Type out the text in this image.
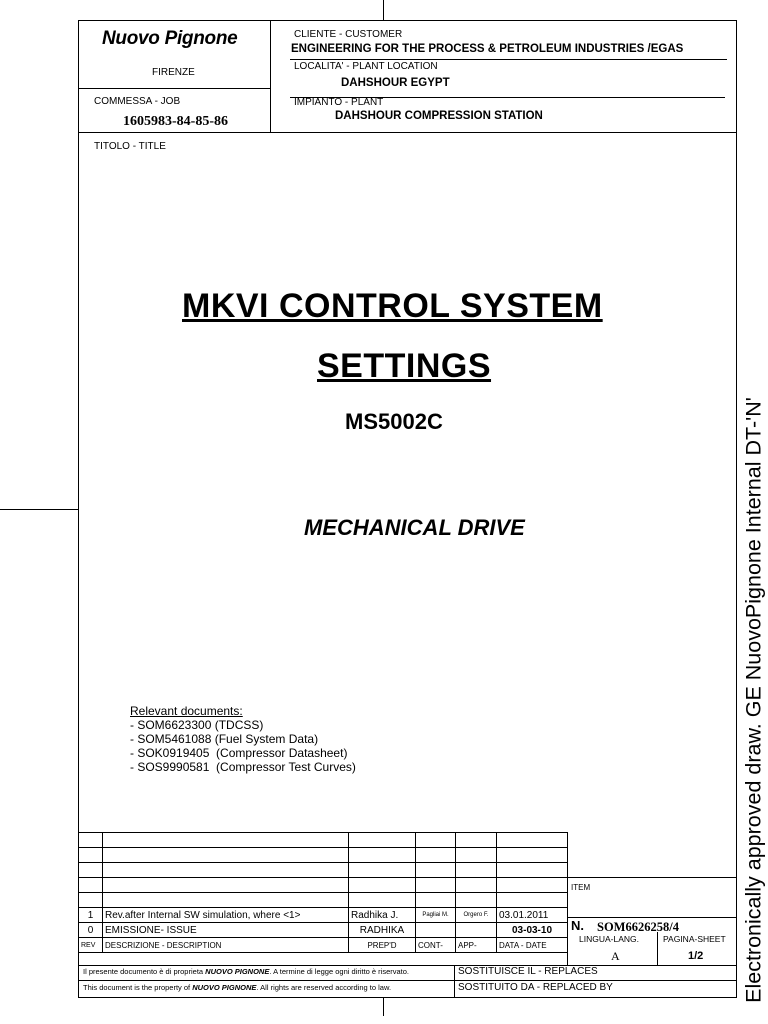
Nuovo Pignone
FIRENZE
COMMESSA - JOB
1605983-84-85-86
CLIENTE - CUSTOMER
ENGINEERING FOR THE PROCESS & PETROLEUM INDUSTRIES /EGAS
LOCALITA' - PLANT LOCATION
DAHSHOUR EGYPT
IMPIANTO - PLANT
DAHSHOUR COMPRESSION STATION
TITOLO - TITLE
MKVI CONTROL SYSTEM
SETTINGS
MS5002C
MECHANICAL DRIVE
Relevant documents:
- SOM6623300 (TDCSS)
- SOM5461088 (Fuel System Data)
- SOK0919405  (Compressor Datasheet)
- SOS9990581  (Compressor Test Curves)

1	Rev.after Internal SW simulation, where <1>	Radhika J.	Pagliai M.	Orgero F.	03.01.2011
0	EMISSIONE- ISSUE	RADHIKA			03-03-10
REV	DESCRIZIONE - DESCRIPTION	PREP'D	CONT-	APP-	DATA - DATE
ITEM
N. SOM6626258/4
LINGUA-LANG.	PAGINA-SHEET
A	1/2
Il presente documento è di proprieta NUOVO PIGNONE. A termine di legge ogni diritto è riservato.
This document is the property of NUOVO PIGNONE. All rights are reserved according to law.
SOSTITUISCE IL - REPLACES
SOSTITUITO DA - REPLACED BY	Electronically approved draw. GE NuovoPignone Internal DT-'N'
